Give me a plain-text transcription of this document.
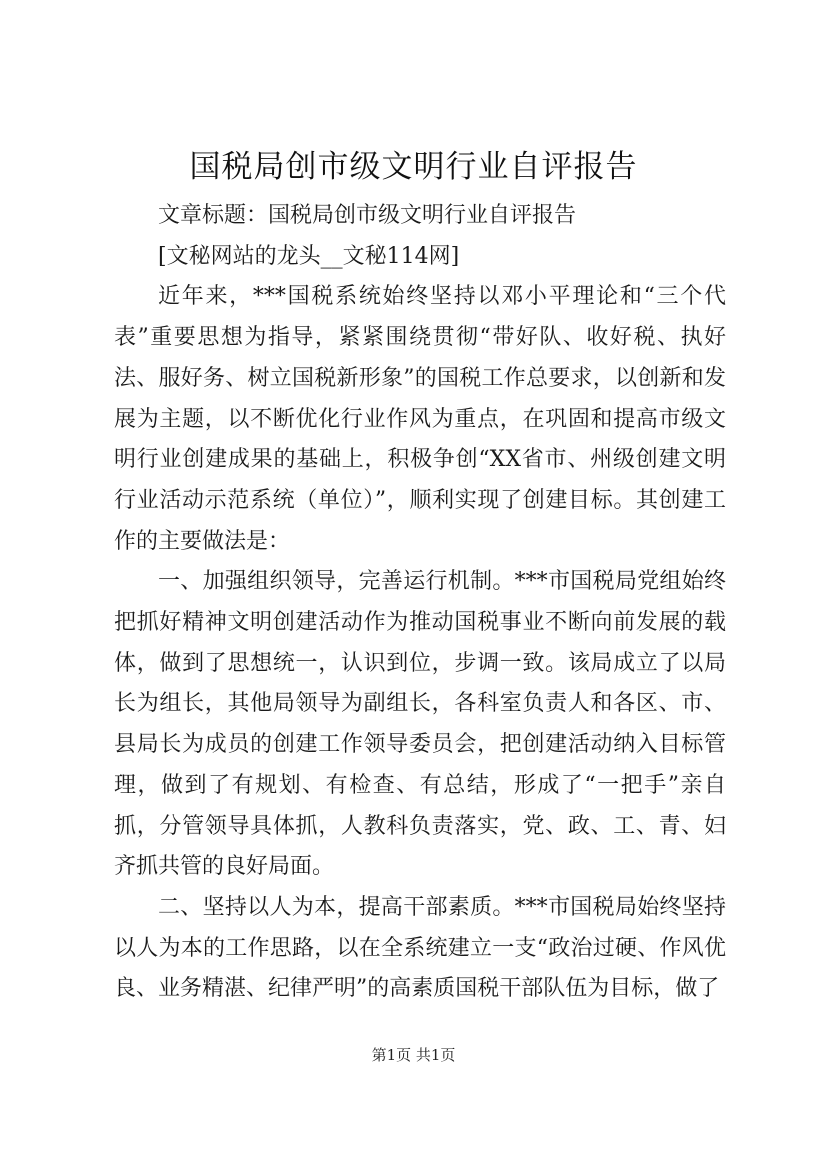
国税局创市级文明行业自评报告

文章标题：国税局创市级文明行业自评报告

[文秘网站的龙头__文秘114网]

近年来，***国税系统始终坚持以邓小平理论和“三个代表”重要思想为指导，紧紧围绕贯彻“带好队、收好税、执好法、服好务、树立国税新形象”的国税工作总要求，以创新和发展为主题，以不断优化行业作风为重点，在巩固和提高市级文明行业创建成果的基础上，积极争创“XX省市、州级创建文明行业活动示范系统（单位）”，顺利实现了创建目标。其创建工作的主要做法是：

一、加强组织领导，完善运行机制。***市国税局党组始终把抓好精神文明创建活动作为推动国税事业不断向前发展的载体，做到了思想统一，认识到位，步调一致。该局成立了以局长为组长，其他局领导为副组长，各科室负责人和各区、市、县局长为成员的创建工作领导委员会，把创建活动纳入目标管理，做到了有规划、有检查、有总结，形成了“一把手”亲自抓，分管领导具体抓，人教科负责落实，党、政、工、青、妇齐抓共管的良好局面。

二、坚持以人为本，提高干部素质。***市国税局始终坚持以人为本的工作思路，以在全系统建立一支“政治过硬、作风优良、业务精湛、纪律严明”的高素质国税干部队伍为目标，做了

第1页 共1页
